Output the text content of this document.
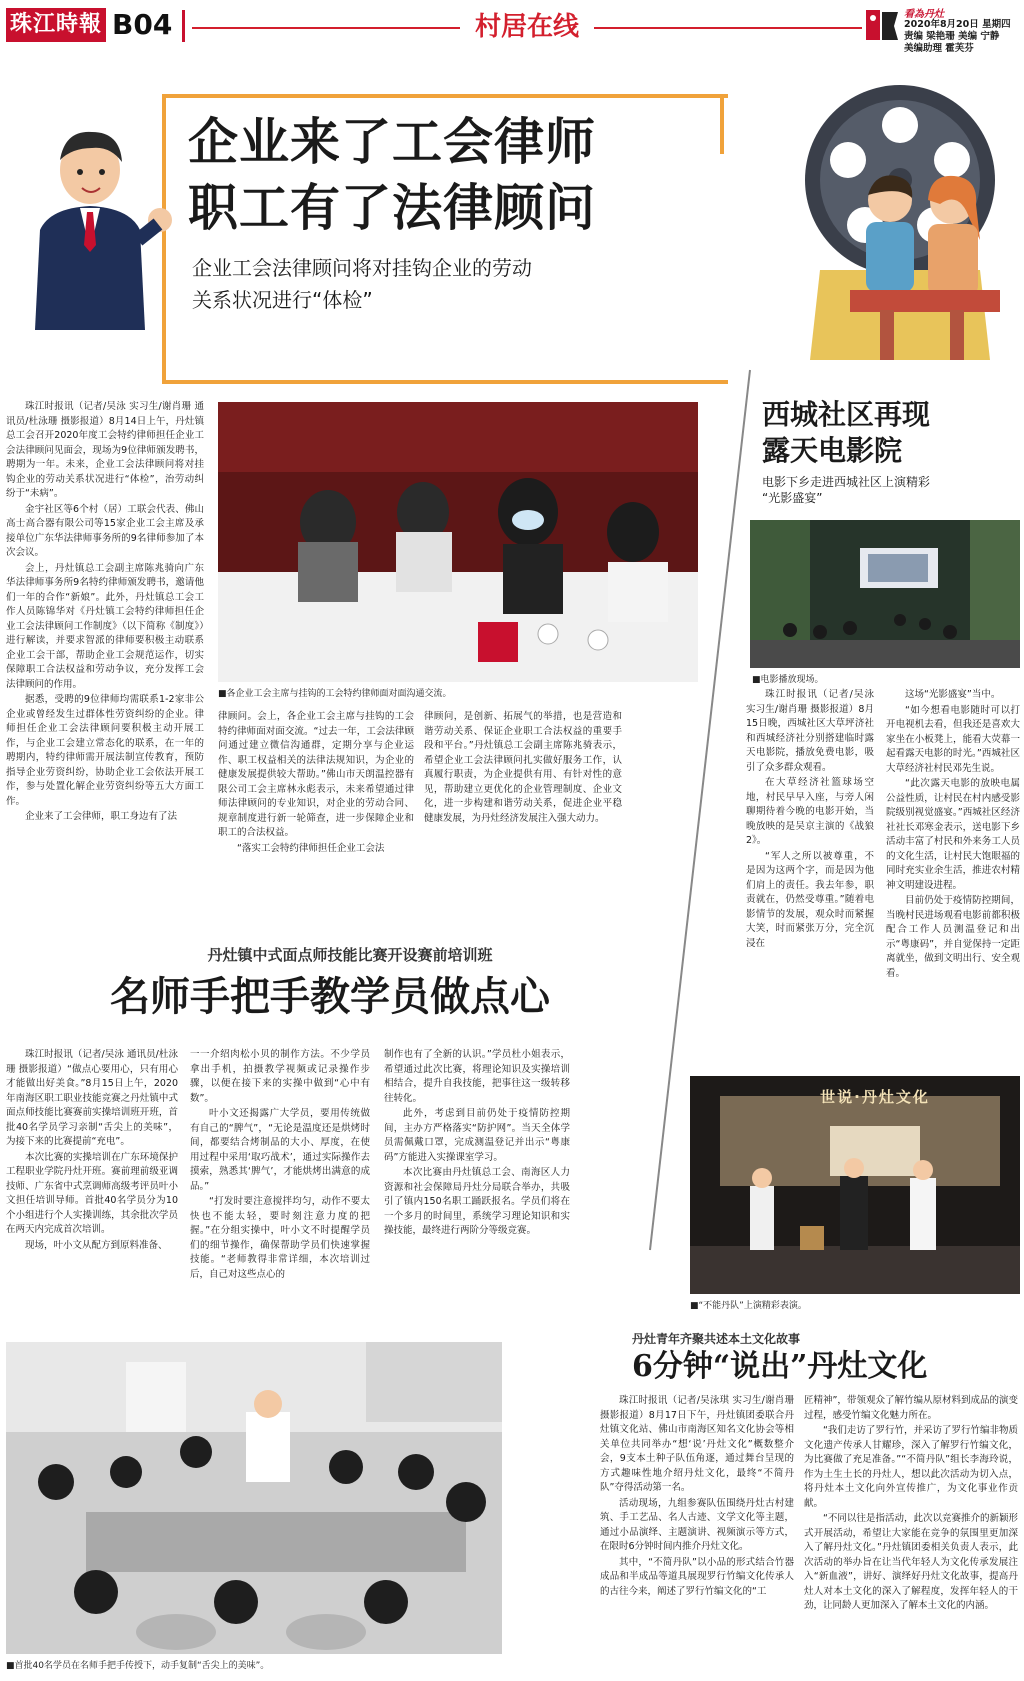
珠江時報 B04	村居在线	看為丹灶
2020年8月20日 星期四
责编 梁艳珊 美编 宁静
美编助理 霍芙芬
企业来了工会律师
职工有了法律顾问
企业工会法律顾问将对挂钩企业的劳动
关系状况进行“体检”
西城社区再现
露天电影院
电影下乡走进西城社区上演精彩
“光影盛宴”
■电影播放现场。

珠江时报讯（记者/吴泳 实习生/谢肖珊 摄影报道）8月15日晚，西城社区大草坪济社和西城经济社分别搭建临时露天电影院，播放免费电影，吸引了众多群众观看。

在大草经济社篮球场空地，村民早早入座，与旁人闲聊期待着今晚的电影开始，当晚放映的是吴京主演的《战狼2》。

“军人之所以被尊重，不是因为这两个字，而是因为他们肩上的责任。我去年参，职责就在，仍然受尊重。”随着电影情节的发展，观众时而紧握大笑，时而紧张万分，完全沉浸在

这场“光影盛宴”当中。

“如今想看电影随时可以打开电视机去看，但我还是喜欢大家坐在小板凳上，能看大荧幕一起看露天电影的时光。”西城社区大草经济社村民邓先生说。

“此次露天电影的放映电属公益性质，让村民在村内感受影院级别视觉盛宴。”西城社区经济社社长邓寒金表示，送电影下乡活动丰富了村民和外来务工人员的文化生活，让村民大饱眼福的同时充实业余生活，推进农村精神文明建设进程。

目前仍处于疫情防控期间，当晚村民进场观看电影前都积极配合工作人员测温登记和出示“粤康码”，并自觉保持一定距离就坐，做到文明出行、安全观看。

珠江时报讯（记者/吴泳 实习生/谢肖珊 通讯员/杜泳珊 摄影报道）8月14日上午，丹灶镇总工会召开2020年度工会特约律师担任企业工会法律顾问见面会，现场为9位律师颁发聘书，聘期为一年。未来，企业工会法律顾问将对挂钩企业的劳动关系状况进行“体检”，治劳动纠纷于“未病”。

金宇社区等6个村（居）工联会代表、佛山高士高合器有限公司等15家企业工会主席及承接单位广东华法律师事务所的9名律师参加了本次会议。

会上，丹灶镇总工会副主席陈兆骑向广东华法律师事务所9名特约律师颁发聘书，邀请他们一年的合作“新娘”。此外，丹灶镇总工会工作人员陈锦华对《丹灶镇工会特约律师担任企业工会法律顾问工作制度》（以下简称《制度》）进行解读，并要求智派的律师要积极主动联系企业工会干部，帮助企业工会规范运作，切实保障职工合法权益和劳动争议，充分发挥工会法律顾问的作用。

据悉，受聘的9位律师均需联系1-2家非公企业或曾经发生过群体性劳资纠纷的企业。律师担任企业工会法律顾问要积极主动开展工作，与企业工会建立常态化的联系，在一年的聘期内，特约律师需开展法制宣传教育，预防指导企业劳资纠纷，协助企业工会依法开展工作，参与处置化解企业劳资纠纷等五大方面工作。

企业来了工会律师，职工身边有了法

■各企业工会主席与挂钩的工会特约律师面对面沟通交流。

律顾问。会上，各企业工会主席与挂钩的工会特约律师面对面交流。“过去一年，工会法律顾问通过建立微信沟通群，定期分享与企业运作、职工权益相关的法律法规知识，为企业的健康发展提供较大帮助。”佛山市天朗温控器有限公司工会主席林永彪表示，未来希望通过律师法律顾问的专业知识，对企业的劳动合同、规章制度进行新一轮筛查，进一步保障企业和职工的合法权益。

“落实工会特约律师担任企业工会法

律顾问，是创新、拓展气的举措，也是营造和谐劳动关系、保证企业职工合法权益的重要手段和平台。”丹灶镇总工会副主席陈兆骑表示，希望企业工会法律顾问扎实做好服务工作，认真履行职责，为企业提供有用、有针对性的意见，帮助建立更优化的企业管理制度、企业文化，进一步构建和谐劳动关系，促进企业平稳健康发展，为丹灶经济发展注入强大动力。

丹灶镇中式面点师技能比赛开设赛前培训班
名师手把手教学员做点心

珠江时报讯（记者/吴泳 通讯员/杜泳珊 摄影报道）“做点心要用心，只有用心才能做出好美食。”8月15日上午，2020年南海区职工职业技能竞赛之丹灶镇中式面点师技能比赛赛前实操培训班开班，首批40名学员学习亲制“舌尖上的美味”，为接下来的比赛提前“充电”。

本次比赛的实操培训在广东环境保护工程职业学院丹灶开班。赛前理前级亚调技师、广东省中式烹调师高级考评员叶小文担任培训导师。首批40名学员分为10个小组进行个人实操训练，其余批次学员在两天内完成首次培训。

现场，叶小文从配方到原料准备、

一一介绍肉松小贝的制作方法。不少学员拿出手机，拍摄教学视频或记录操作步骤，以便在接下来的实操中做到“心中有数”。

叶小文还揭露广大学员，要用传统做有自己的“脾气”，“无论是温度还是烘烤时间，都要结合烤制品的大小、厚度，在使用过程中采用‘取巧战术’，通过实际操作去摸索，熟悉其‘脾气’，才能烘烤出满意的成品。”

“打发时要注意搅拌均匀，动作不要太快也不能太轻，要时刻注意力度的把握。”在分组实操中，叶小文不时提醒学员们的细节操作，确保帮助学员们快速掌握技能。“老师教得非常详细，本次培训过后，自己对这些点心的

制作也有了全新的认识。”学员杜小姐表示，希望通过此次比赛，将理论知识及实操培训相结合，提升自我技能，把事往这一级转移往转化。

此外，考虑到目前仍处于疫情防控期间，主办方严格落实“防护网”。当天全体学员需佩戴口罩，完成测温登记并出示“粤康码”方能进入实操课室学习。

本次比赛由丹灶镇总工会、南海区人力资源和社会保障局丹灶分局联合举办，共吸引了镇内150名职工踊跃报名。学员们将在一个多月的时间里，系统学习理论知识和实操技能，最终进行两阶分等级竞赛。

■首批40名学员在名师手把手传授下，动手复制“舌尖上的美味”。
世说·丹灶文化
■“不能丹队”上演精彩表演。
丹灶青年齐聚共述本土文化故事
6分钟“说出”丹灶文化

珠江时报讯（记者/吴泳琪 实习生/谢肖珊 摄影报道）8月17日下午，丹灶镇团委联合丹灶镇文化站、佛山市南海区知名文化协会等相关单位共同举办“想‘说’丹灶文化”概数整介会，9支本土种子队伍角逐，通过舞台呈现的方式趣味性地介绍丹灶文化，最终“不简丹队”夺得活动第一名。

活动现场，九组参赛队伍围绕丹灶古村建筑、手工艺品、名人古迹、文学文化等主题，通过小品演绎、主题演讲、视频演示等方式，在限时6分钟时间内推介丹灶文化。

其中，“不简丹队”以小品的形式结合竹器成品和半成品等道具展现罗行竹编文化传承人的古往今来，阐述了罗行竹编文化的“工

匠精神”，带领观众了解竹编从原材料到成品的演变过程，感受竹编文化魅力所在。

“我们走访了罗行竹，并采访了罗行竹编非物质文化遗产传承人甘耀珍，深入了解罗行竹编文化，为比赛做了充足准备。”“不简丹队”组长李海玲说，作为土生土长的丹灶人，想以此次活动为切入点，将丹灶本土文化向外宣传推广，为文化事业作贡献。

“不同以往是指活动，此次以竞赛推介的新颖形式开展活动，希望让大家能在竞争的氛围里更加深入了解丹灶文化。”丹灶镇团委相关负责人表示，此次活动的举办旨在让当代年轻人为文化传承发展注入“新血液”，讲好、演绎好丹灶文化故事，提高丹灶人对本土文化的深入了解程度，发挥年轻人的干劲，让同龄人更加深入了解本土文化的内涵。
